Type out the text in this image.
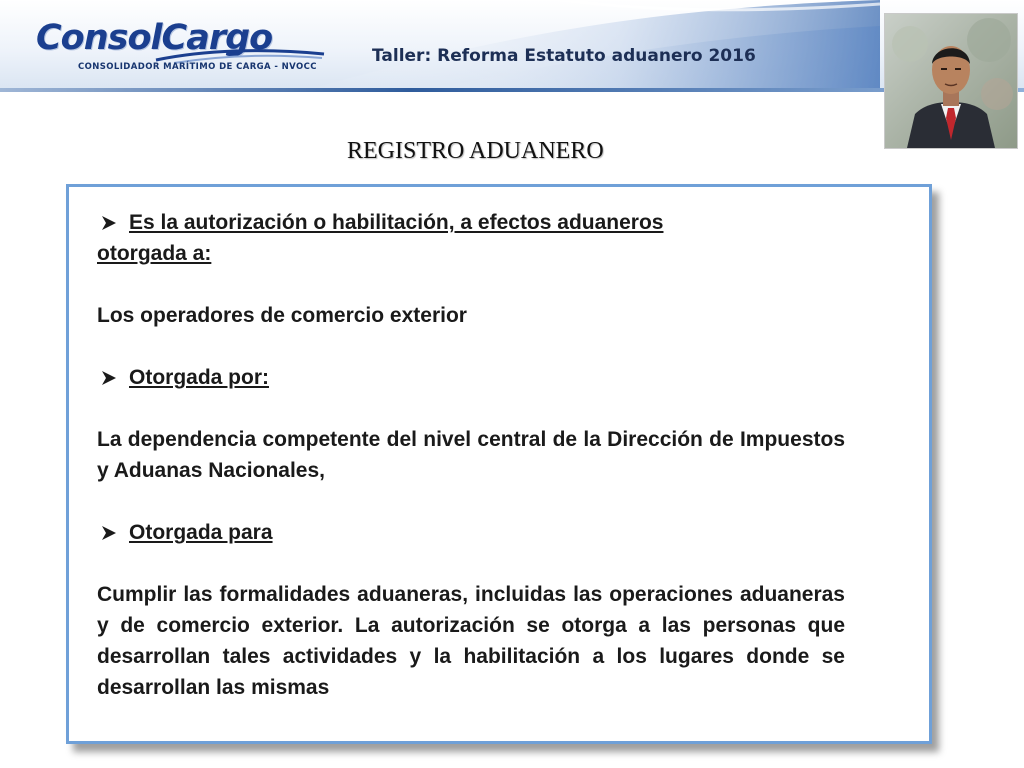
ConsolCargo
CONSOLIDADOR MARÍTIMO DE CARGA - NVOCC
Taller: Reforma Estatuto aduanero 2016
REGISTRO ADUANERO
Es la autorización o habilitación, a efectos aduaneros
otorgada a:
Los operadores de comercio exterior
Otorgada por:
La dependencia competente del nivel central de la Dirección de Impuestos y Aduanas Nacionales,
Otorgada para
Cumplir las formalidades aduaneras, incluidas las operaciones aduaneras y de comercio exterior. La autorización se otorga a las personas que desarrollan tales actividades y la habilitación a los lugares donde se desarrollan las mismas
